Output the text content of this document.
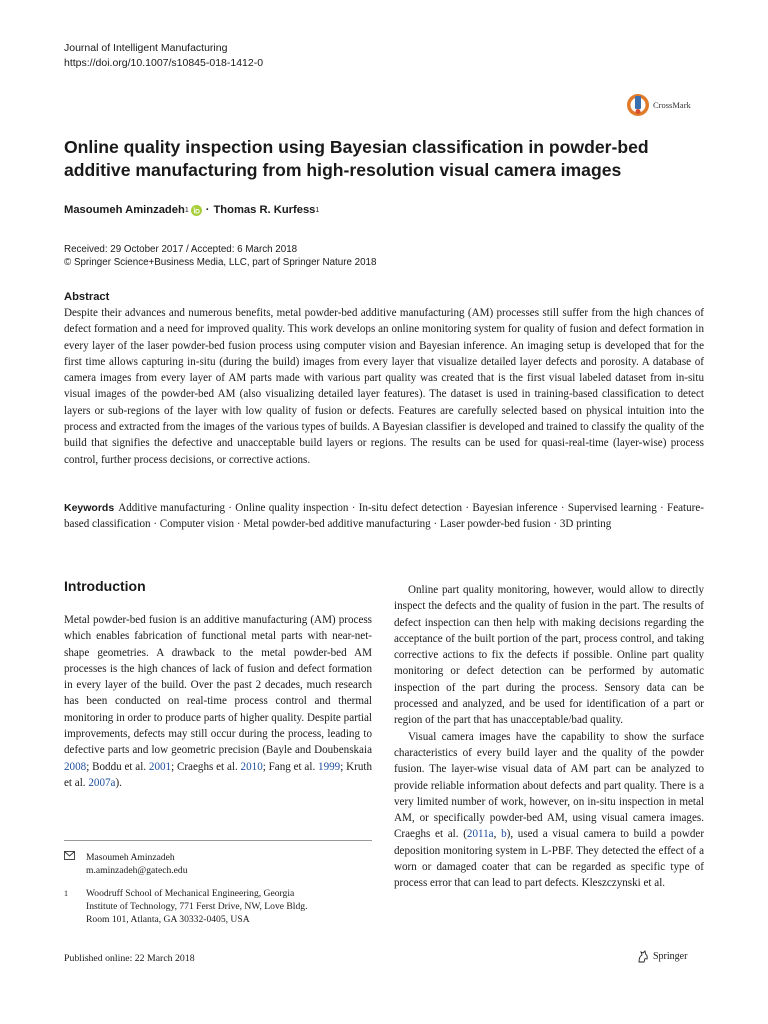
Journal of Intelligent Manufacturing
https://doi.org/10.1007/s10845-018-1412-0
CrossMark
Online quality inspection using Bayesian classification in powder-bed additive manufacturing from high-resolution visual camera images
Masoumeh Aminzadeh 1 · Thomas R. Kurfess 1
Received: 29 October 2017 / Accepted: 6 March 2018
© Springer Science+Business Media, LLC, part of Springer Nature 2018
Abstract

Despite their advances and numerous benefits, metal powder-bed additive manufacturing (AM) processes still suffer from the high chances of defect formation and a need for improved quality. This work develops an online monitoring system for quality of fusion and defect formation in every layer of the laser powder-bed fusion process using computer vision and Bayesian inference. An imaging setup is developed that for the first time allows capturing in-situ (during the build) images from every layer that visualize detailed layer defects and porosity. A database of camera images from every layer of AM parts made with various part quality was created that is the first visual labeled dataset from in-situ visual images of the powder-bed AM (also visualizing detailed layer features). The dataset is used in training-based classification to detect layers or sub-regions of the layer with low quality of fusion or defects. Features are carefully selected based on physical intuition into the process and extracted from the images of the various types of builds. A Bayesian classifier is developed and trained to classify the quality of the build that signifies the defective and unacceptable build layers or regions. The results can be used for quasi-real-time (layer-wise) process control, further process decisions, or corrective actions.

Keywords Additive manufacturing · Online quality inspection · In-situ defect detection · Bayesian inference · Supervised learning · Feature-based classification · Computer vision · Metal powder-bed additive manufacturing · Laser powder-bed fusion · 3D printing

Introduction

Metal powder-bed fusion is an additive manufacturing (AM) process which enables fabrication of functional metal parts with near-net-shape geometries. A drawback to the metal powder-bed AM processes is the high chances of lack of fusion and defect formation in every layer of the build. Over the past 2 decades, much research has been conducted on real-time process control and thermal monitoring in order to produce parts of higher quality. Despite partial improvements, defects may still occur during the process, leading to defective parts and low geometric precision (Bayle and Doubenskaia 2008; Boddu et al. 2001; Craeghs et al. 2010; Fang et al. 1999; Kruth et al. 2007a).

Online part quality monitoring, however, would allow to directly inspect the defects and the quality of fusion in the part. The results of defect inspection can then help with making decisions regarding the acceptance of the built portion of the part, process control, and taking corrective actions to fix the defects if possible. Online part quality monitoring or defect detection can be performed by automatic inspection of the part during the process. Sensory data can be processed and analyzed, and be used for identification of a part or region of the part that has unacceptable/bad quality.

Visual camera images have the capability to show the surface characteristics of every build layer and the quality of the powder fusion. The layer-wise visual data of AM part can be analyzed to provide reliable information about defects and part quality. There is a very limited number of work, however, on in-situ inspection in metal AM, or specifically powder-bed AM, using visual camera images. Craeghs et al. (2011a, b), used a visual camera to build a powder deposition monitoring system in L-PBF. They detected the effect of a worn or damaged coater that can be regarded as specific type of process error that can lead to part defects. Kleszczynski et al.

Masoumeh Aminzadeh
m.aminzadeh@gatech.edu
1	Woodruff School of Mechanical Engineering, Georgia
Institute of Technology, 771 Ferst Drive, NW, Love Bldg.
Room 101, Atlanta, GA 30332-0405, USA
Published online: 22 March 2018	Springer
